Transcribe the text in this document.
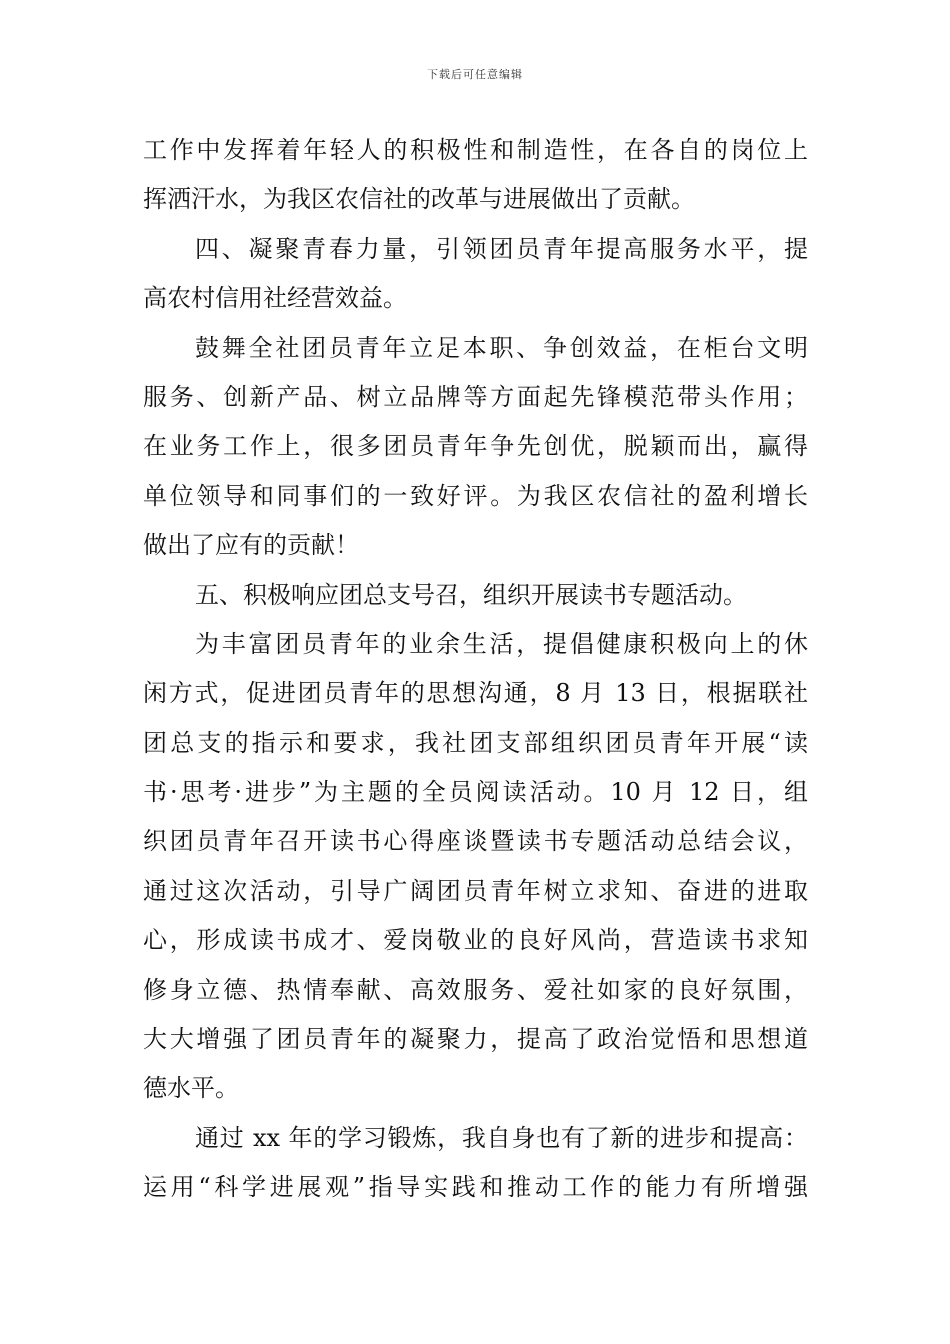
下载后可任意编辑
工作中发挥着年轻人的积极性和制造性，在各自的岗位上
挥洒汗水，为我区农信社的改革与进展做出了贡献。
四、凝聚青春力量，引领团员青年提高服务水平，提
高农村信用社经营效益。
鼓舞全社团员青年立足本职、争创效益，在柜台文明
服务、创新产品、树立品牌等方面起先锋模范带头作用；
在业务工作上，很多团员青年争先创优，脱颖而出，赢得
单位领导和同事们的一致好评。为我区农信社的盈利增长
做出了应有的贡献！
五、积极响应团总支号召，组织开展读书专题活动。
为丰富团员青年的业余生活，提倡健康积极向上的休
闲方式，促进团员青年的思想沟通，8 月 13 日，根据联社
团总支的指示和要求，我社团支部组织团员青年开展“读
书·思考·进步”为主题的全员阅读活动。10 月 12 日，组
织团员青年召开读书心得座谈暨读书专题活动总结会议，
通过这次活动，引导广阔团员青年树立求知、奋进的进取
心，形成读书成才、爱岗敬业的良好风尚，营造读书求知
修身立德、热情奉献、高效服务、爱社如家的良好氛围，
大大增强了团员青年的凝聚力，提高了政治觉悟和思想道
德水平。
通过 xx 年的学习锻炼，我自身也有了新的进步和提高：
运用“科学进展观”指导实践和推动工作的能力有所增强
